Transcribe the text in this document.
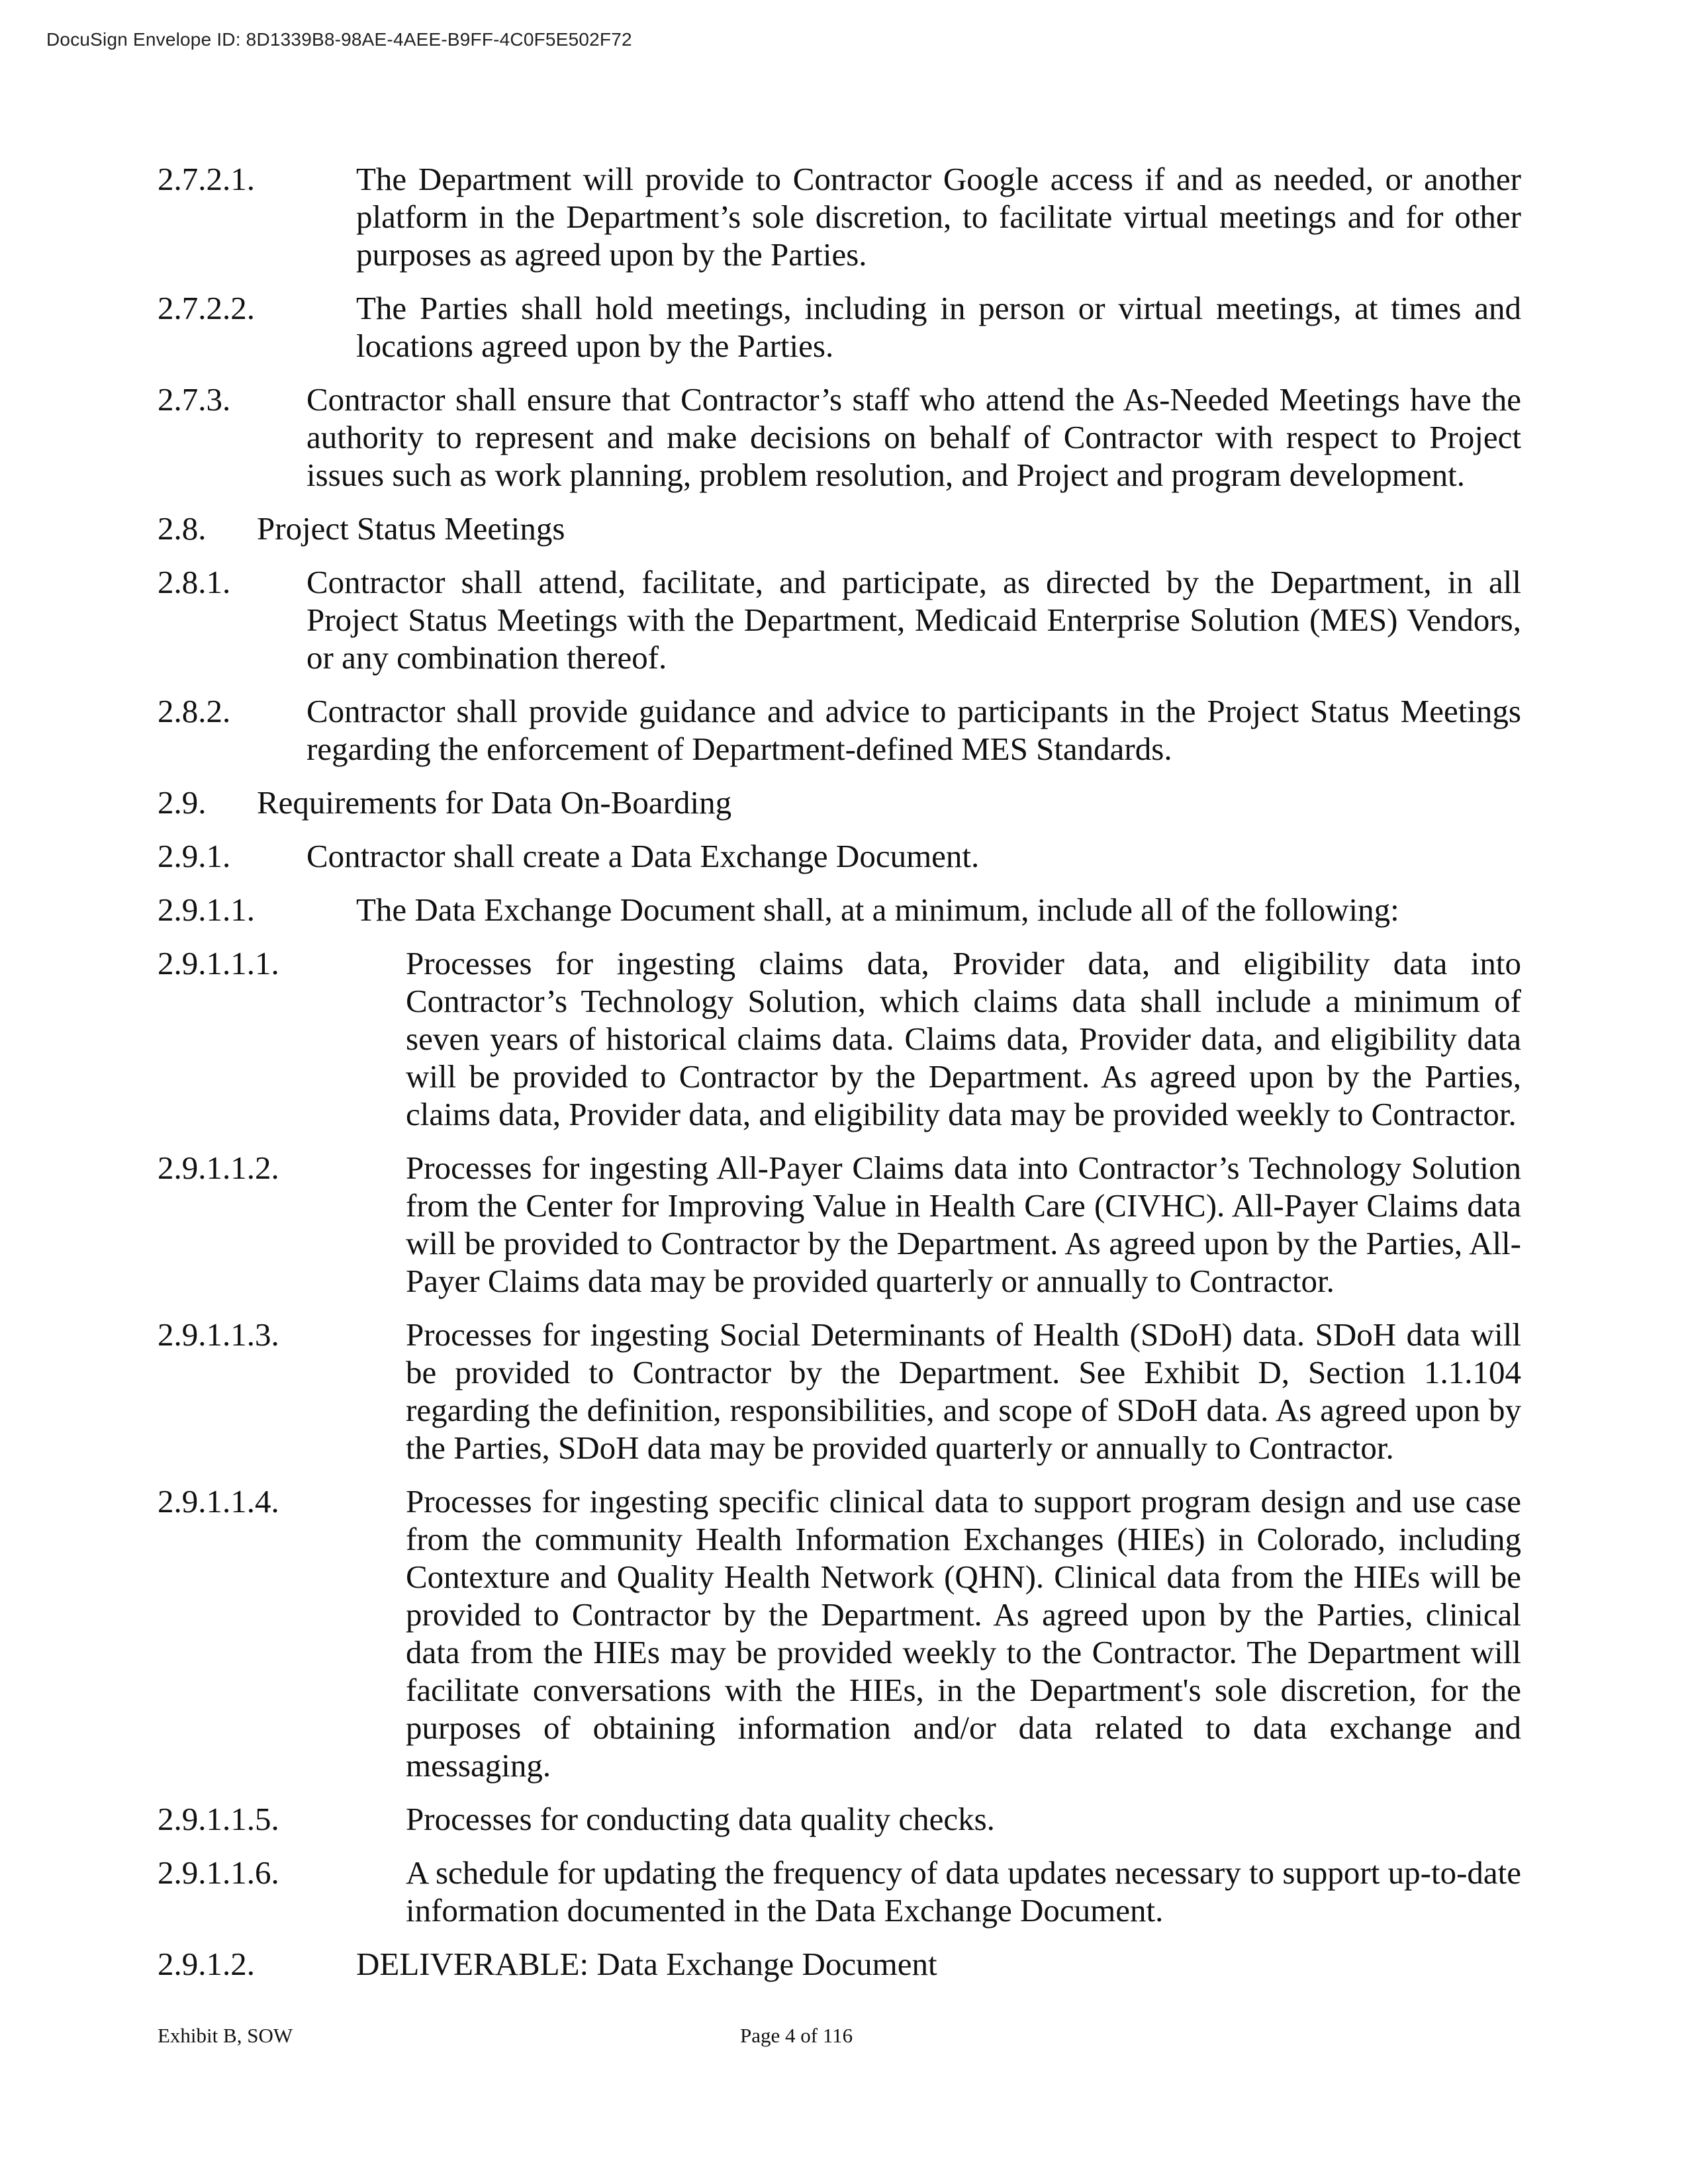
DocuSign Envelope ID: 8D1339B8-98AE-4AEE-B9FF-4C0F5E502F72
2.7.2.1.	The Department will provide to Contractor Google access if and as needed, or another platform in the Department’s sole discretion, to facilitate virtual meetings and for other purposes as agreed upon by the Parties.
2.7.2.2.	The Parties shall hold meetings, including in person or virtual meetings, at times and locations agreed upon by the Parties.
2.7.3. Contractor shall ensure that Contractor’s staff who attend the As-Needed Meetings have the authority to represent and make decisions on behalf of Contractor with respect to Project issues such as work planning, problem resolution, and Project and program development.
2.8. Project Status Meetings
2.8.1. Contractor shall attend, facilitate, and participate, as directed by the Department, in all Project Status Meetings with the Department, Medicaid Enterprise Solution (MES) Vendors, or any combination thereof.
2.8.2. Contractor shall provide guidance and advice to participants in the Project Status Meetings regarding the enforcement of Department-defined MES Standards.
2.9. Requirements for Data On-Boarding
2.9.1. Contractor shall create a Data Exchange Document.
2.9.1.1.	The Data Exchange Document shall, at a minimum, include all of the following:
2.9.1.1.1.	Processes for ingesting claims data, Provider data, and eligibility data into Contractor’s Technology Solution, which claims data shall include a minimum of seven years of historical claims data. Claims data, Provider data, and eligibility data will be provided to Contractor by the Department. As agreed upon by the Parties, claims data, Provider data, and eligibility data may be provided weekly to Contractor.
2.9.1.1.2.	Processes for ingesting All-Payer Claims data into Contractor’s Technology Solution from the Center for Improving Value in Health Care (CIVHC). All-Payer Claims data will be provided to Contractor by the Department. As agreed upon by the Parties, All-Payer Claims data may be provided quarterly or annually to Contractor.
2.9.1.1.3.	Processes for ingesting Social Determinants of Health (SDoH) data. SDoH data will be provided to Contractor by the Department. See Exhibit D, Section 1.1.104 regarding the definition, responsibilities, and scope of SDoH data. As agreed upon by the Parties, SDoH data may be provided quarterly or annually to Contractor.
2.9.1.1.4.	Processes for ingesting specific clinical data to support program design and use case from the community Health Information Exchanges (HIEs) in Colorado, including Contexture and Quality Health Network (QHN). Clinical data from the HIEs will be provided to Contractor by the Department. As agreed upon by the Parties, clinical data from the HIEs may be provided weekly to the Contractor. The Department will facilitate conversations with the HIEs, in the Department's sole discretion, for the purposes of obtaining information and/or data related to data exchange and messaging.
2.9.1.1.5.	Processes for conducting data quality checks.
2.9.1.1.6.	A schedule for updating the frequency of data updates necessary to support up-to-date information documented in the Data Exchange Document.
2.9.1.2.	DELIVERABLE: Data Exchange Document
Exhibit B, SOW	Page 4 of 116
